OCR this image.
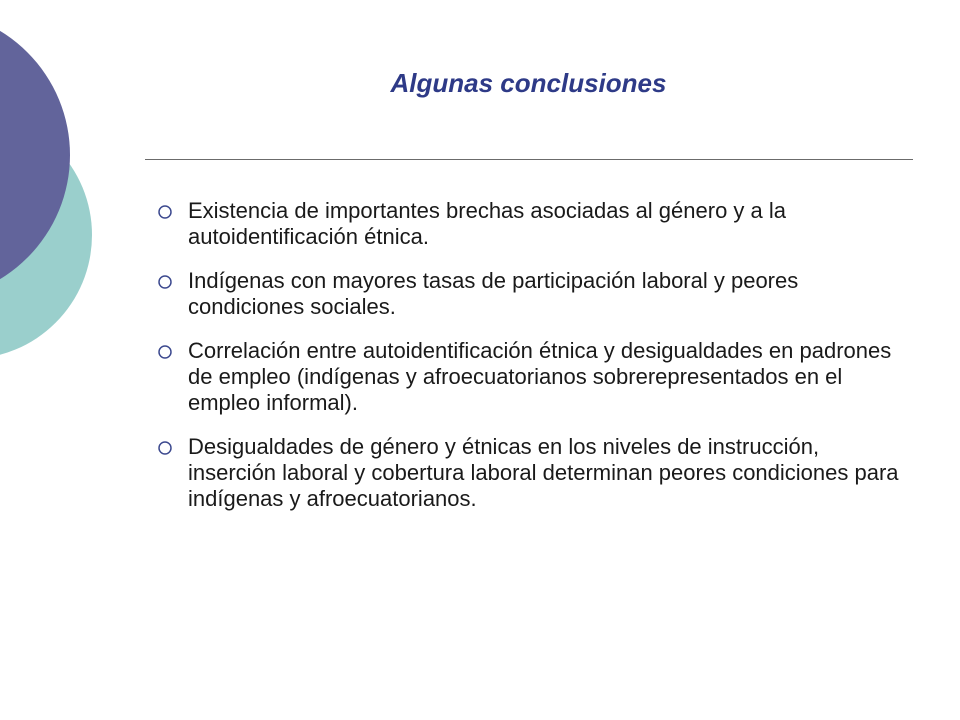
Algunas conclusiones
Existencia de importantes brechas asociadas al género y a la autoidentificación étnica.
Indígenas con mayores tasas de participación laboral y peores condiciones sociales.
Correlación entre autoidentificación étnica y desigualdades en padrones de empleo (indígenas y afroecuatorianos sobrerepresentados en el empleo informal).
Desigualdades de género y étnicas en los niveles de instrucción, inserción laboral y cobertura laboral determinan peores condiciones para indígenas y afroecuatorianos.
